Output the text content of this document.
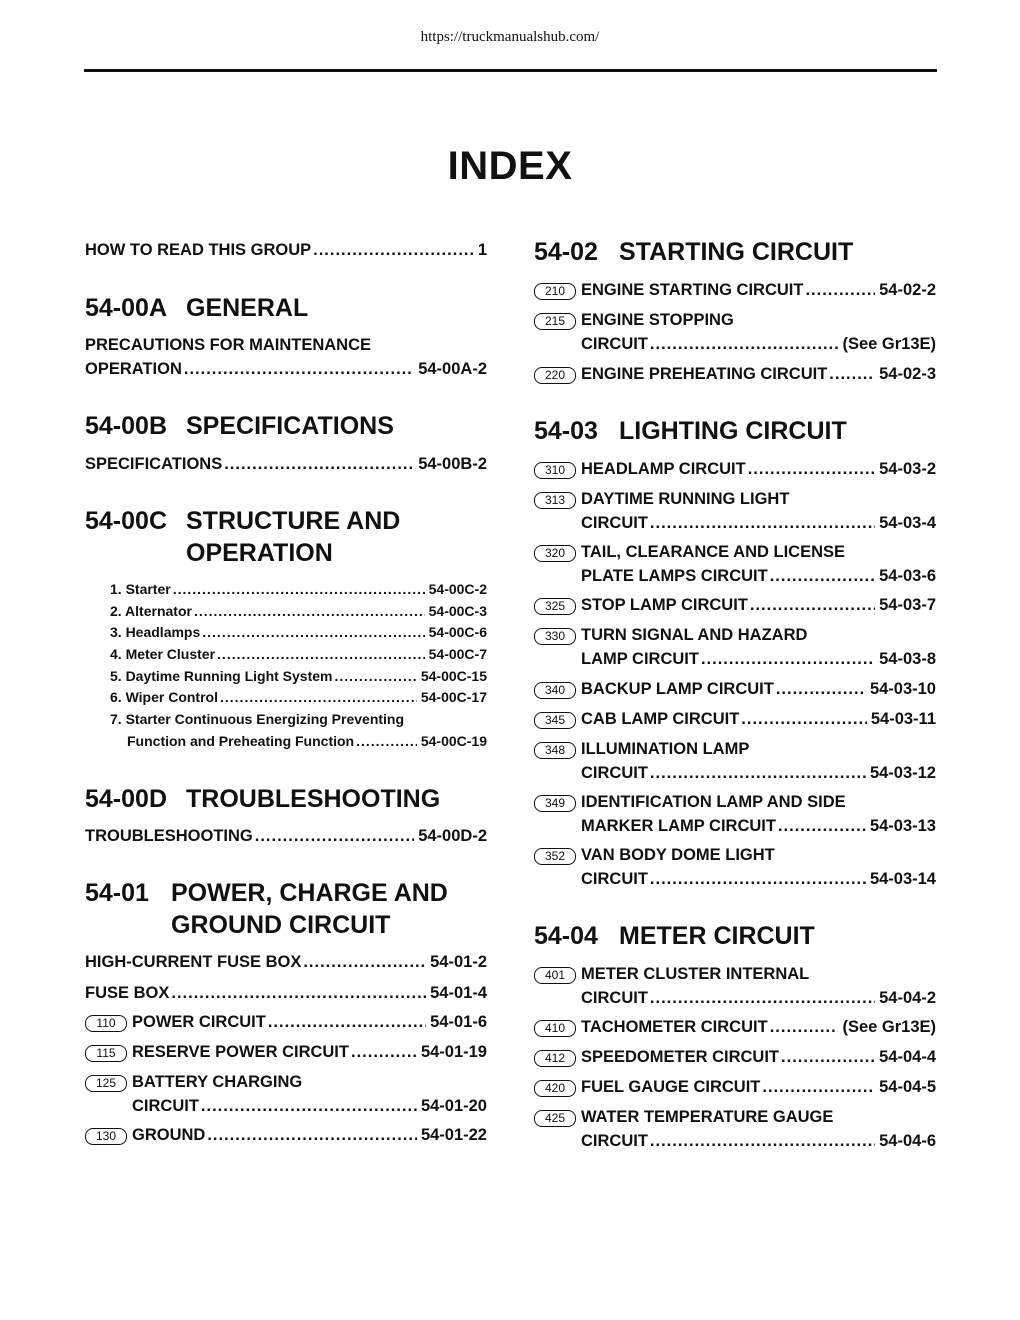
https://truckmanualshub.com/
INDEX
HOW TO READ THIS GROUP .....	1
54-00A GENERAL
PRECAUTIONS FOR MAINTENANCE
OPERATION .....	54-00A-2
54-00B SPECIFICATIONS
SPECIFICATIONS .....	54-00B-2
54-00C STRUCTURE AND
OPERATION
1. Starter .....	54-00C-2
2. Alternator .....	54-00C-3
3. Headlamps .....	54-00C-6
4. Meter Cluster .....	54-00C-7
5. Daytime Running Light System .....	54-00C-15
6. Wiper Control .....	54-00C-17
7. Starter Continuous Energizing Preventing
Function and Preheating Function .....	54-00C-19
54-00D TROUBLESHOOTING
TROUBLESHOOTING .....	54-00D-2
54-01 POWER, CHARGE AND
GROUND CIRCUIT
HIGH-CURRENT FUSE BOX .....	54-01-2
FUSE BOX .....	54-01-4
110 POWER CIRCUIT .....	54-01-6
115 RESERVE POWER CIRCUIT .....	54-01-19
125 BATTERY CHARGING
CIRCUIT .....	54-01-20
130 GROUND .....	54-01-22
54-02 STARTING CIRCUIT
210 ENGINE STARTING CIRCUIT .....	54-02-2
215 ENGINE STOPPING
CIRCUIT .....	(See Gr13E)
220 ENGINE PREHEATING CIRCUIT .....	54-02-3
54-03 LIGHTING CIRCUIT
310 HEADLAMP CIRCUIT .....	54-03-2
313 DAYTIME RUNNING LIGHT
CIRCUIT .....	54-03-4
320 TAIL, CLEARANCE AND LICENSE
PLATE LAMPS CIRCUIT .....	54-03-6
325 STOP LAMP CIRCUIT .....	54-03-7
330 TURN SIGNAL AND HAZARD
LAMP CIRCUIT .....	54-03-8
340 BACKUP LAMP CIRCUIT .....	54-03-10
345 CAB LAMP CIRCUIT .....	54-03-11
348 ILLUMINATION LAMP
CIRCUIT .....	54-03-12
349 IDENTIFICATION LAMP AND SIDE
MARKER LAMP CIRCUIT .....	54-03-13
352 VAN BODY DOME LIGHT
CIRCUIT .....	54-03-14
54-04 METER CIRCUIT
401 METER CLUSTER INTERNAL
CIRCUIT .....	54-04-2
410 TACHOMETER CIRCUIT .....	(See Gr13E)
412 SPEEDOMETER CIRCUIT .....	54-04-4
420 FUEL GAUGE CIRCUIT .....	54-04-5
425 WATER TEMPERATURE GAUGE
CIRCUIT .....	54-04-6
